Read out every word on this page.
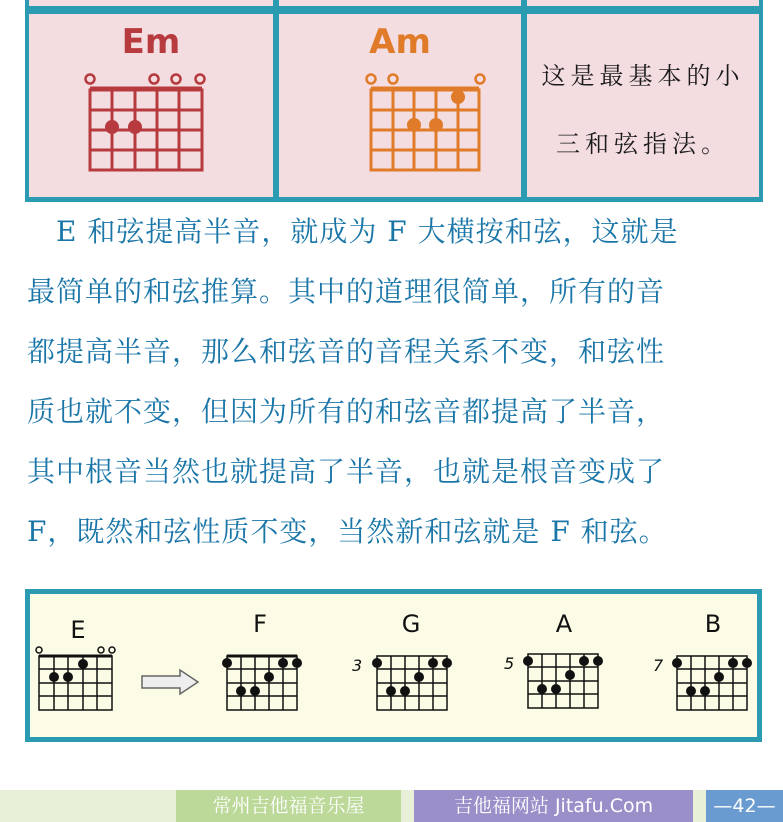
Em	Am
这是最基本的小
三和弦指法。
　E 和弦提高半音，就成为 F 大横按和弦，这就是
最简单的和弦推算。其中的道理很简单，所有的音
都提高半音，那么和弦音的音程关系不变，和弦性
质也就不变，但因为所有的和弦音都提高了半音，
其中根音当然也就提高了半音，也就是根音变成了
F，既然和弦性质不变，当然新和弦就是 F 和弦。
E	F	G
3
A
5
B
7
常州吉他福音乐屋	吉他福网站 Jitafu.Com	—42—
